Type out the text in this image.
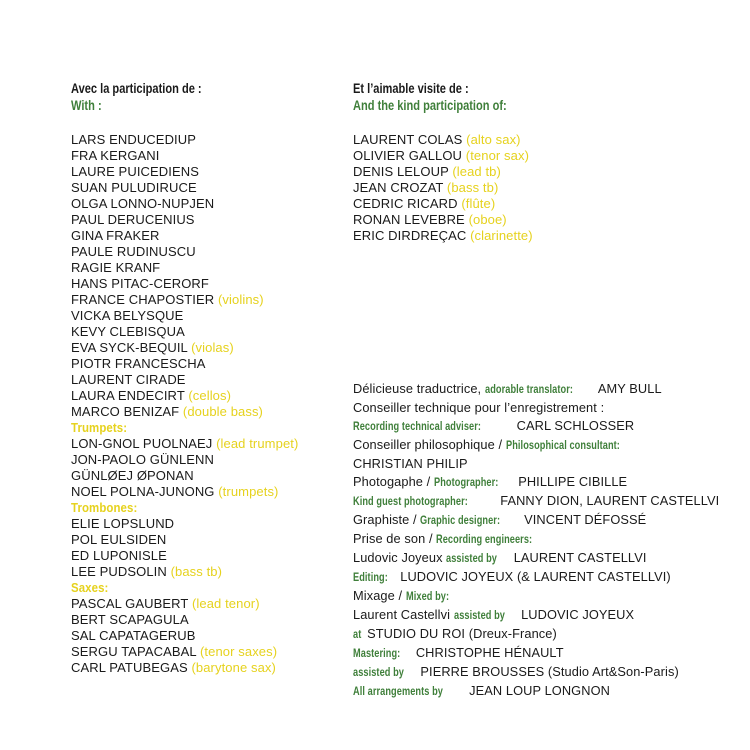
Avec la participation de :
With :
LARS ENDUCEDIUP
FRA KERGANI
LAURE PUICEDIENS
SUAN PULUDIRUCE
OLGA LONNO-NUPJEN
PAUL DERUCENIUS
GINA FRAKER
PAULE RUDINUSCU
RAGIE KRANF
HANS PITAC-CERORF
FRANCE CHAPOSTIER (violins)
VICKA BELYSQUE
KEVY CLEBISQUA
EVA SYCK-BEQUIL (violas)
PIOTR FRANCESCHA
LAURENT CIRADE
LAURA ENDECIRT (cellos)
MARCO BENIZAF (double bass)
Trumpets:
LON-GNOL PUOLNAEJ (lead trumpet)
JON-PAOLO GÜNLENN
GÜNLØEJ ØPONAN
NOEL POLNA-JUNONG (trumpets)
Trombones:
ELIE LOPSLUND
POL EULSIDEN
ED LUPONISLE
LEE PUDSOLIN (bass tb)
Saxes:
PASCAL GAUBERT (lead tenor)
BERT SCAPAGULA
SAL CAPATAGERUB
SERGU TAPACABAL (tenor saxes)
CARL PATUBEGAS (barytone sax)
Et l’aimable visite de :
And the kind participation of:
LAURENT COLAS (alto sax)
OLIVIER GALLOU (tenor sax)
DENIS LELOUP (lead tb)
JEAN CROZAT (bass tb)
CEDRIC RICARD (flûte)
RONAN LEVEBRE (oboe)
ERIC DIRDREÇAC (clarinette)
Délicieuse traductrice, adorable translator: AMY BULL
Conseiller technique pour l’enregistrement :
Recording technical adviser:	CARL SCHLOSSER
Conseiller philosophique / Philosophical consultant:
CHRISTIAN PHILIP
Photogaphe / Photographer: PHILLIPE CIBILLE
Kind guest photographer:	FANNY DION, LAURENT CASTELLVI
Graphiste / Graphic designer: VINCENT DÉFOSSÉ
Prise de son / Recording engineers:
Ludovic Joyeux assisted by LAURENT CASTELLVI
Editing: LUDOVIC JOYEUX (& LAURENT CASTELLVI)
Mixage / Mixed by:
Laurent Castellvi assisted by LUDOVIC JOYEUX
at STUDIO DU ROI (Dreux-France)
Mastering: CHRISTOPHE HÉNAULT
assisted by PIERRE BROUSSES (Studio Art&Son-Paris)
All arrangements by JEAN LOUP LONGNON
